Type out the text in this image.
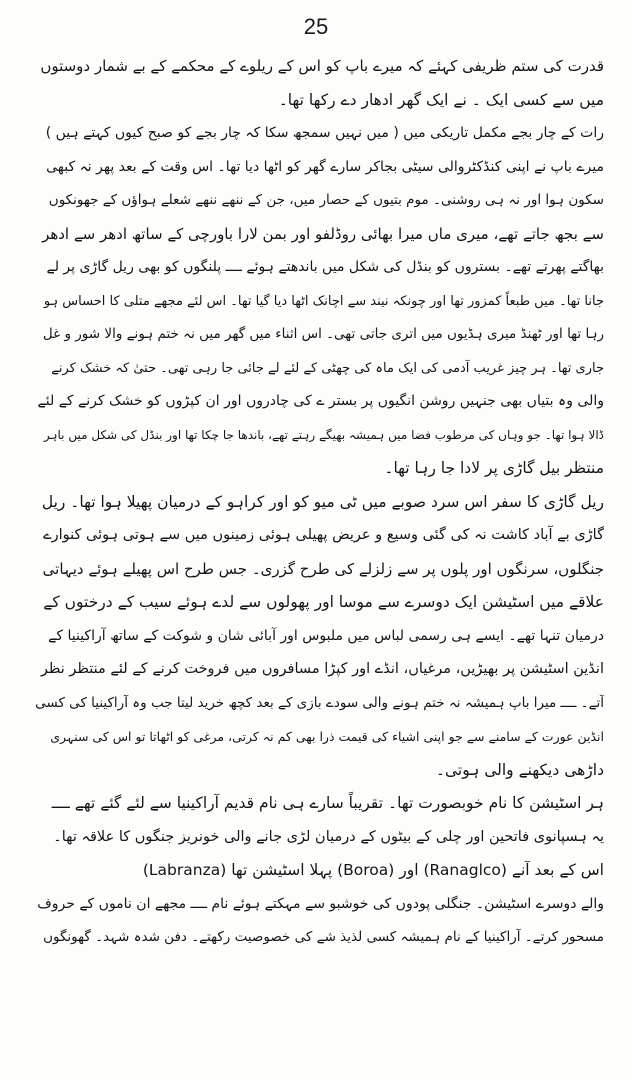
25
قدرت کی ستم ظریفی کہئے کہ میرے باپ کو اس کے ریلوے کے محکمے کے بے شمار دوستوں
میں سے کسی ایک ۔ نے ایک گھر ادھار دے رکھا تھا۔
رات کے چار بجے مکمل تاریکی میں ( میں نہیں سمجھ سکا کہ چار بجے کو صبح کیوں کہتے ہیں )
میرے باپ نے اپنی کنڈکٹروالی سیٹی بجاکر سارے گھر کو اٹھا دیا تھا۔ اس وقت کے بعد پھر نہ کبھی
سکون ہوا اور نہ ہی روشنی۔ موم بتیوں کے حصار میں، جن کے ننھے ننھے شعلے ہواؤں کے جھونکوں
سے بجھ جاتے تھے، میری ماں میرا بھائی روڈلفو اور بمن لارا باورچی کے ساتھ ادھر سے ادھر
بھاگتے پھرتے تھے۔ بستروں کو بنڈل کی شکل میں باندھتے ہوئے ــــ پلنگوں کو بھی ریل گاڑی پر لے
جانا تھا۔ میں طبعاً کمزور تھا اور چونکہ نیند سے اچانک اٹھا دیا گیا تھا۔ اس لئے مجھے متلی کا احساس ہو
رہا تھا اور ٹھنڈ میری ہڈیوں میں اتری جاتی تھی۔ اس اثناء میں گھر میں نہ ختم ہونے والا شور و غل
جاری تھا۔ ہر چیز غریب آدمی کی ایک ماہ کی چھٹی کے لئے لے جائی جا رہی تھی۔ حتیٰ کہ خشک کرنے
والی وہ بتیاں بھی جنہیں روشن انگیوں پر بستر ے کی چادروں اور ان کپڑوں کو خشک کرنے کے لئے
ڈالا ہوا تھا۔ جو وہاں کی مرطوب فضا میں ہمیشہ بھیگے رہتے تھے، باندھا جا چکا تھا اور بنڈل کی شکل میں باہر
منتظر بیل گاڑی پر لادا جا رہا تھا۔
ریل گاڑی کا سفر اس سرد صوبے میں ٹی میو کو اور کراہو کے درمیان پھیلا ہوا تھا۔ ریل
گاڑی بے آباد کاشت نہ کی گئی وسیع و عریض پھیلی ہوئی زمینوں میں سے ہوتی ہوئی کنوارے
جنگلوں، سرنگوں اور پلوں پر سے زلزلے کی طرح گزری۔ جس طرح اس پھیلے ہوئے دیہاتی
علاقے میں اسٹیشن ایک دوسرے سے موسا اور پھولوں سے لدے ہوئے سیب کے درختوں کے
درمیان تنہا تھے۔ ایسے ہی رسمی لباس میں ملبوس اور آبائی شان و شوکت کے ساتھ آراکینیا کے
انڈین اسٹیشن پر بھیڑیں، مرغیاں، انڈے اور کپڑا مسافروں میں فروخت کرنے کے لئے منتظر نظر
آتے۔ ــــ میرا باپ ہمیشہ نہ ختم ہونے والی سودے بازی کے بعد کچھ خرید لیتا جب وہ آراکینیا کی کسی
انڈین عورت کے سامنے سے جو اپنی اشیاء کی قیمت ذرا بھی کم نہ کرتی، مرغی کو اٹھاتا تو اس کی سنہری
داڑھی دیکھنے والی ہوتی۔
ہر اسٹیشن کا نام خوبصورت تھا۔ تقریباً سارے ہی نام قدیم آراکینیا سے لئے گئے تھے ــــ
یہ ہسپانوی فاتحین اور چلی کے بیٹوں کے درمیان لڑی جانے والی خونریز جنگوں کا علاقہ تھا۔
(Labranza) پہلا اسٹیشن تھا (Boroa) اور (Ranaglco) اس کے بعد آنے
والے دوسرے اسٹیشن۔ جنگلی پودوں کی خوشبو سے مہکتے ہوئے نام ــــ مجھے ان ناموں کے حروف
مسحور کرتے۔ آراکینیا کے نام ہمیشہ کسی لذیذ شے کی خصوصیت رکھتے۔ دفن شدہ شہد۔ گھونگوں
